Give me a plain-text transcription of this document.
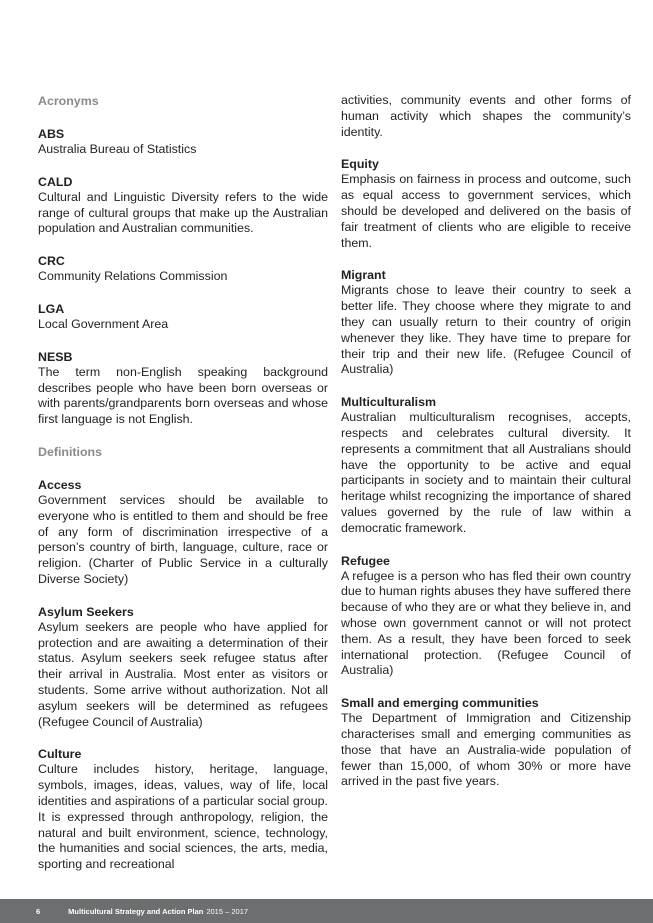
Acronyms

ABS

Australia Bureau of Statistics

CALD

Cultural and Linguistic Diversity refers to the wide range of cultural groups that make up the Australian population and Australian communities.

CRC

Community Relations Commission

LGA

Local Government Area

NESB

The term non-English speaking background describes people who have been born overseas or with parents/grandparents born overseas and whose first language is not English.

Definitions

Access

Government services should be available to everyone who is entitled to them and should be free of any form of discrimination irrespective of a person’s country of birth, language, culture, race or religion. (Charter of Public Service in a culturally Diverse Society)

Asylum Seekers

Asylum seekers are people who have applied for protection and are awaiting a determination of their status. Asylum seekers seek refugee status after their arrival in Australia. Most enter as visitors or students. Some arrive without authorization. Not all asylum seekers will be determined as refugees (Refugee Council of Australia)

Culture

Culture includes history, heritage, language, symbols, images, ideas, values, way of life, local identities and aspirations of a particular social group. It is expressed through anthropology, religion, the natural and built environment, science, technology, the humanities and social sciences, the arts, media, sporting and recreational

activities, community events and other forms of human activity which shapes the community’s identity.

Equity

Emphasis on fairness in process and outcome, such as equal access to government services, which should be developed and delivered on the basis of fair treatment of clients who are eligible to receive them.

Migrant

Migrants chose to leave their country to seek a better life. They choose where they migrate to and they can usually return to their country of origin whenever they like. They have time to prepare for their trip and their new life. (Refugee Council of Australia)

Multiculturalism

Australian multiculturalism recognises, accepts, respects and celebrates cultural diversity. It represents a commitment that all Australians should have the opportunity to be active and equal participants in society and to maintain their cultural heritage whilst recognizing the importance of shared values governed by the rule of law within a democratic framework.

Refugee

A refugee is a person who has fled their own country due to human rights abuses they have suffered there because of who they are or what they believe in, and whose own government cannot or will not protect them. As a result, they have been forced to seek international protection. (Refugee Council of Australia)

Small and emerging communities

The Department of Immigration and Citizenship characterises small and emerging communities as those that have an Australia-wide population of fewer than 15,000, of whom 30% or more have arrived in the past five years.

6	Multicultural Strategy and Action Plan 2015 – 2017
